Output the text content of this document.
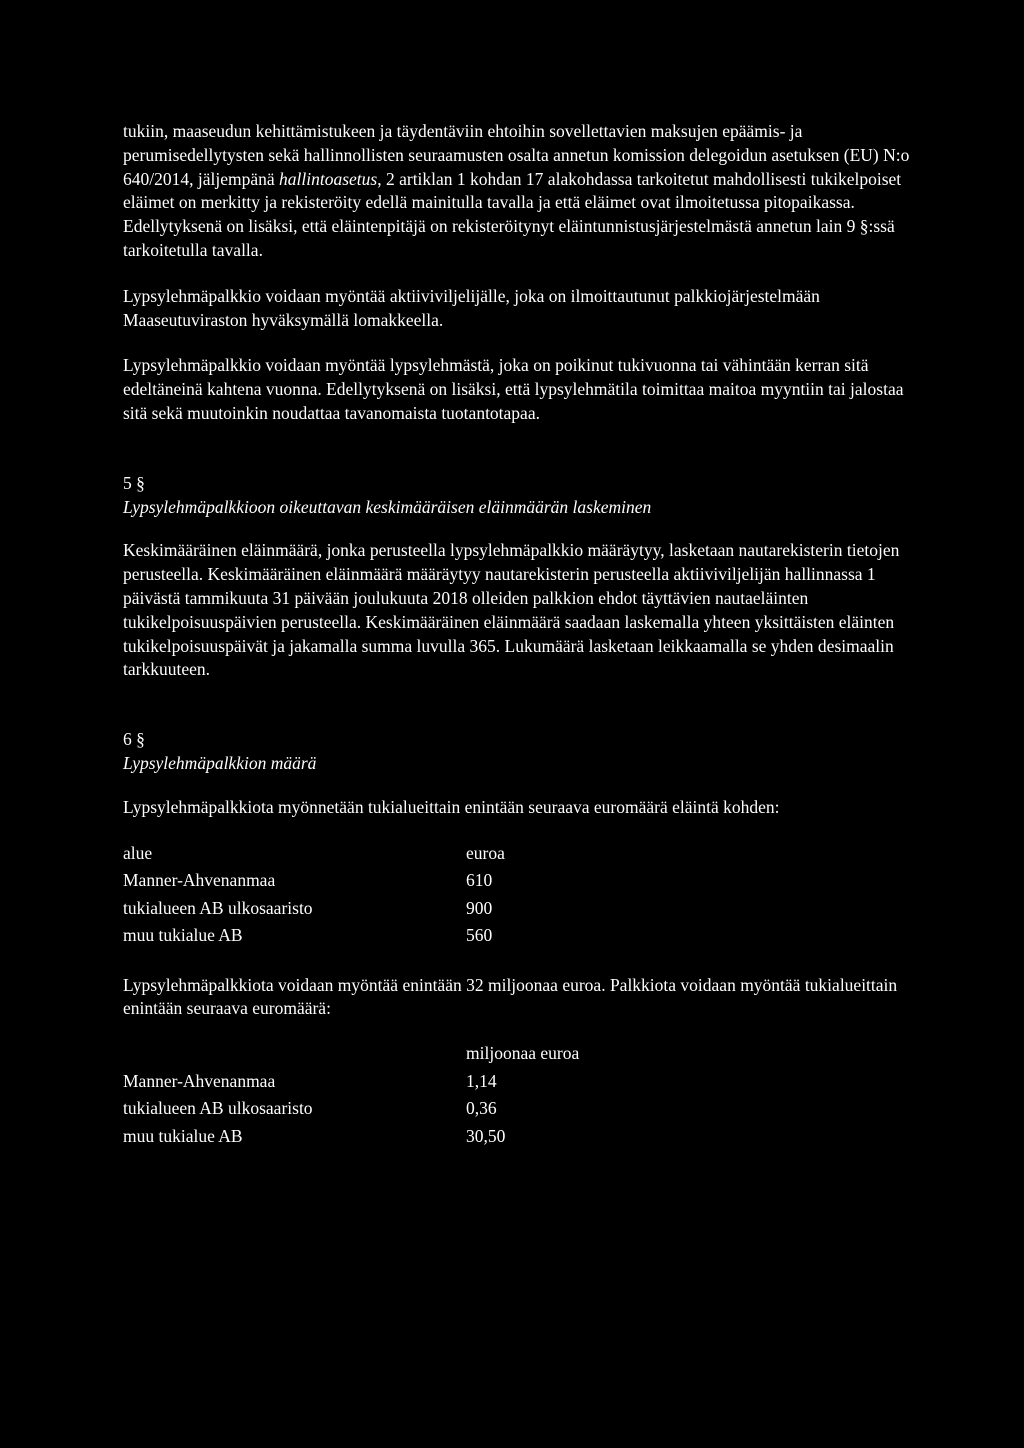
tukiin, maaseudun kehittämistukeen ja täydentäviin ehtoihin sovellettavien maksujen epäämis- ja perumisedellytysten sekä hallinnollisten seuraamusten osalta annetun komission delegoidun asetuksen (EU) N:o 640/2014, jäljempänä hallintoasetus, 2 artiklan 1 kohdan 17 alakohdassa tarkoitetut mahdollisesti tukikelpoiset eläimet on merkitty ja rekisteröity edellä mainitulla tavalla ja että eläimet ovat ilmoitetussa pitopaikassa. Edellytyksenä on lisäksi, että eläintenpitäjä on rekisteröitynyt eläintunnistusjärjestelmästä annetun lain 9 §:ssä tarkoitetulla tavalla.

Lypsylehmäpalkkio voidaan myöntää aktiiviviljelijälle, joka on ilmoittautunut palkkiojärjestelmään Maaseutuviraston hyväksymällä lomakkeella.

Lypsylehmäpalkkio voidaan myöntää lypsylehmästä, joka on poikinut tukivuonna tai vähintään kerran sitä edeltäneinä kahtena vuonna. Edellytyksenä on lisäksi, että lypsylehmätila toimittaa maitoa myyntiin tai jalostaa sitä sekä muutoinkin noudattaa tavanomaista tuotantotapaa.

5 §

Lypsylehmäpalkkioon oikeuttavan keskimääräisen eläinmäärän laskeminen

Keskimääräinen eläinmäärä, jonka perusteella lypsylehmäpalkkio määräytyy, lasketaan nautarekisterin tietojen perusteella. Keskimääräinen eläinmäärä määräytyy nautarekisterin perusteella aktiiviviljelijän hallinnassa 1 päivästä tammikuuta 31 päivään joulukuuta 2018 olleiden palkkion ehdot täyttävien nautaeläinten tukikelpoisuuspäivien perusteella. Keskimääräinen eläinmäärä saadaan laskemalla yhteen yksittäisten eläinten tukikelpoisuuspäivät ja jakamalla summa luvulla 365. Lukumäärä lasketaan leikkaamalla se yhden desimaalin tarkkuuteen.

6 §

Lypsylehmäpalkkion määrä

Lypsylehmäpalkkiota myönnetään tukialueittain enintään seuraava euromäärä eläintä kohden:

alue	euroa
Manner-Ahvenanmaa	610
tukialueen AB ulkosaaristo	900
muu tukialue AB	560

Lypsylehmäpalkkiota voidaan myöntää enintään 32 miljoonaa euroa. Palkkiota voidaan myöntää tukialueittain enintään seuraava euromäärä:

	miljoonaa euroa
Manner-Ahvenanmaa	1,14
tukialueen AB ulkosaaristo	0,36
muu tukialue AB	30,50
